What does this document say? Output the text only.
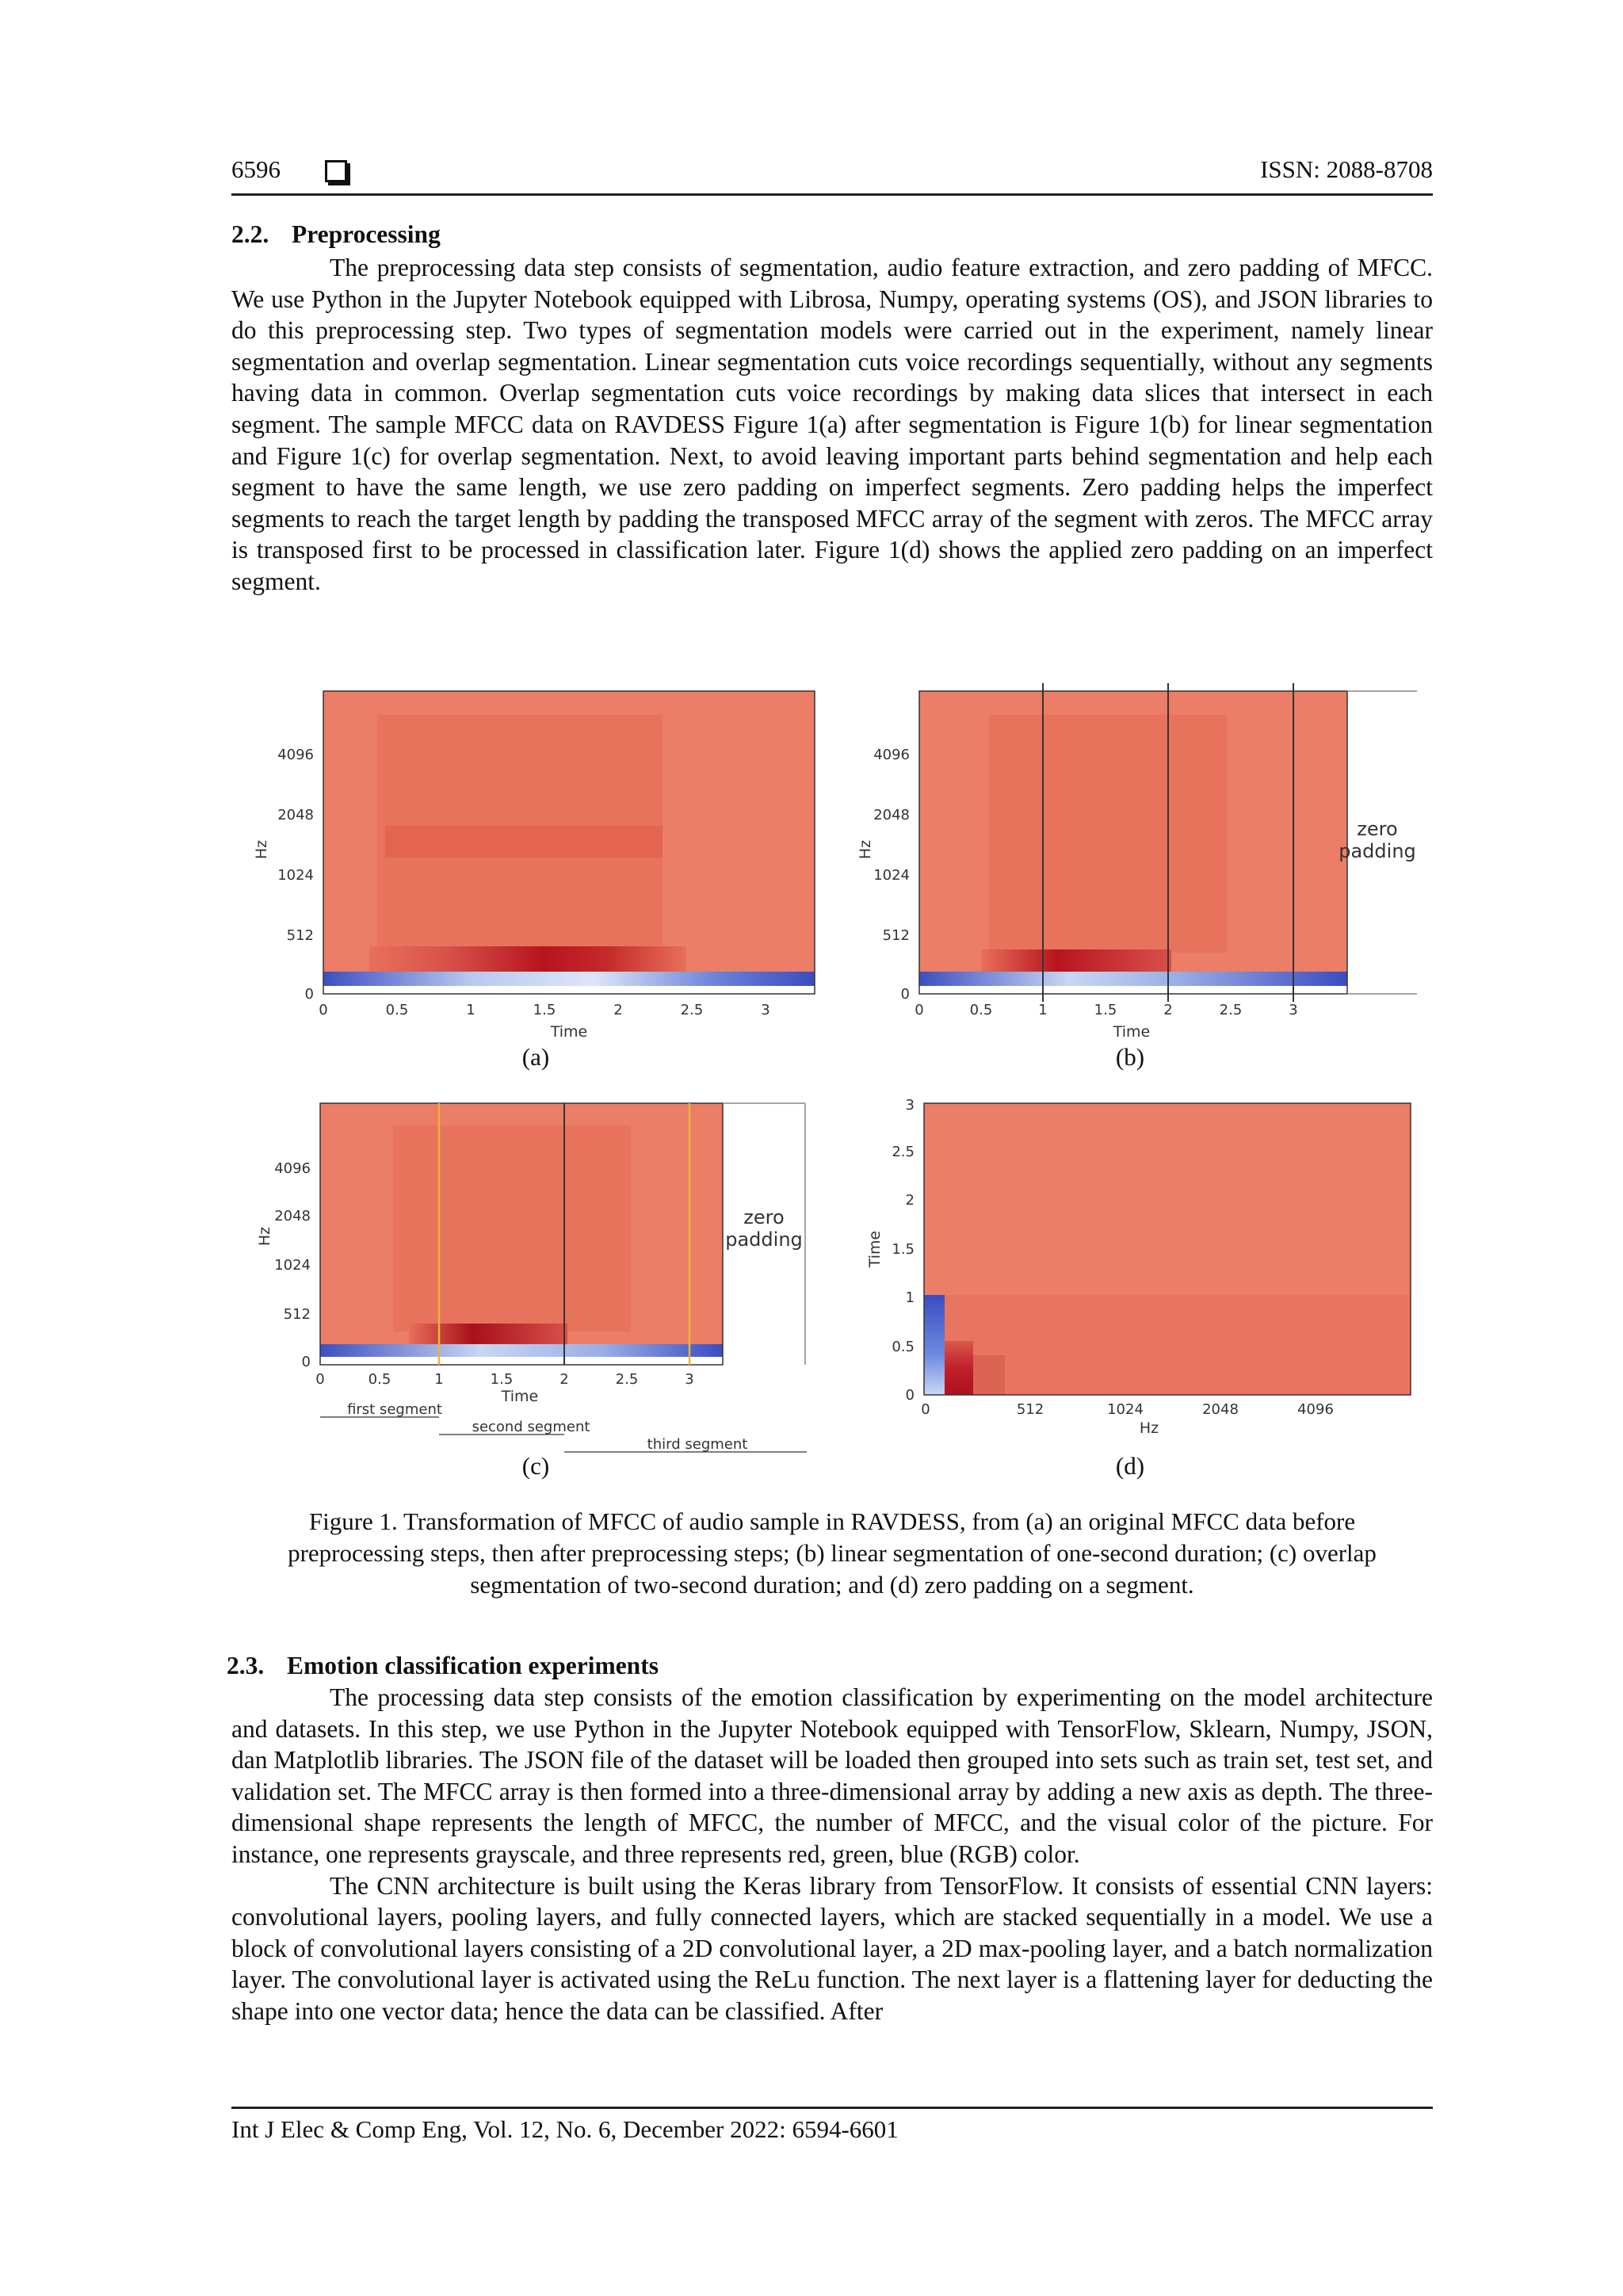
6596	ISSN: 2088-8708
2.2. Preprocessing

The preprocessing data step consists of segmentation, audio feature extraction, and zero padding of MFCC. We use Python in the Jupyter Notebook equipped with Librosa, Numpy, operating systems (OS), and JSON libraries to do this preprocessing step. Two types of segmentation models were carried out in the experiment, namely linear segmentation and overlap segmentation. Linear segmentation cuts voice recordings sequentially, without any segments having data in common. Overlap segmentation cuts voice recordings by making data slices that intersect in each segment. The sample MFCC data on RAVDESS Figure 1(a) after segmentation is Figure 1(b) for linear segmentation and Figure 1(c) for overlap segmentation. Next, to avoid leaving important parts behind segmentation and help each segment to have the same length, we use zero padding on imperfect segments. Zero padding helps the imperfect segments to reach the target length by padding the transposed MFCC array of the segment with zeros. The MFCC array is transposed first to be processed in classification later. Figure 1(d) shows the applied zero padding on an imperfect segment.

0
512
1024
2048
4096
0	0.5	1	1.5	2	2.5	3
Time
Hz
(a)
zero
padding
0
512
1024
2048
4096
0	0.5	1	1.5	2	2.5	3
Time
Hz
(b)
zero
padding
0
512
1024
2048
4096
0	0.5	1	1.5	2	2.5	3
Time
Hz
first segment
second segment
third segment
(c)
0
0.5
1
1.5
2
2.5
3
0	512	1024	2048	4096
Hz
Time
(d)
Figure 1. Transformation of MFCC of audio sample in RAVDESS, from (a) an original MFCC data before preprocessing steps, then after preprocessing steps; (b) linear segmentation of one-second duration; (c) overlap segmentation of two-second duration; and (d) zero padding on a segment.
2.3. Emotion classification experiments

The processing data step consists of the emotion classification by experimenting on the model architecture and datasets. In this step, we use Python in the Jupyter Notebook equipped with TensorFlow, Sklearn, Numpy, JSON, dan Matplotlib libraries. The JSON file of the dataset will be loaded then grouped into sets such as train set, test set, and validation set. The MFCC array is then formed into a three-dimensional array by adding a new axis as depth. The three-dimensional shape represents the length of MFCC, the number of MFCC, and the visual color of the picture. For instance, one represents grayscale, and three represents red, green, blue (RGB) color.

The CNN architecture is built using the Keras library from TensorFlow. It consists of essential CNN layers: convolutional layers, pooling layers, and fully connected layers, which are stacked sequentially in a model. We use a block of convolutional layers consisting of a 2D convolutional layer, a 2D max-pooling layer, and a batch normalization layer. The convolutional layer is activated using the ReLu function. The next layer is a flattening layer for deducting the shape into one vector data; hence the data can be classified. After

Int J Elec & Comp Eng, Vol. 12, No. 6, December 2022: 6594-6601
